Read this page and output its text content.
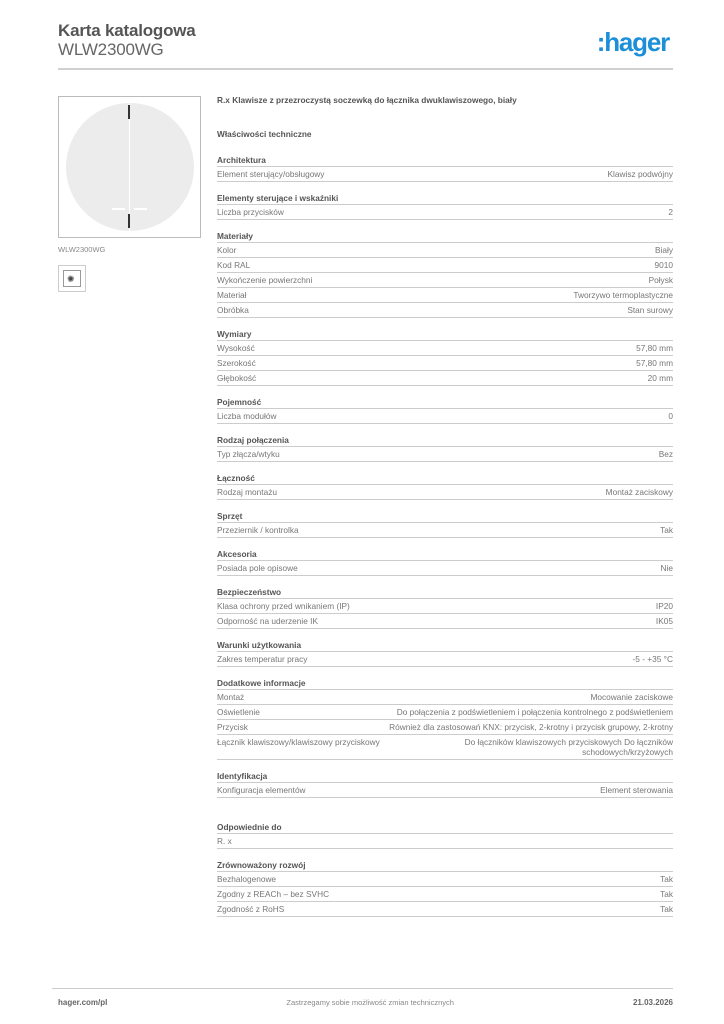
Karta katalogowa
WLW2300WG	:hager
WLW2300WG
✺
R.x Klawisze z przezroczystą soczewką do łącznika dwuklawiszowego, biały
Właściwości techniczne
Architektura
Element sterujący/obsługowy	Klawisz podwójny
Elementy sterujące i wskaźniki
Liczba przycisków	2
Materiały
Kolor	Biały
Kod RAL	9010
Wykończenie powierzchni	Połysk
Materiał	Tworzywo termoplastyczne
Obróbka	Stan surowy
Wymiary
Wysokość	57,80 mm
Szerokość	57,80 mm
Głębokość	20 mm
Pojemność
Liczba modułów	0
Rodzaj połączenia
Typ złącza/wtyku	Bez
Łączność
Rodzaj montażu	Montaż zaciskowy
Sprzęt
Przeziernik / kontrolka	Tak
Akcesoria
Posiada pole opisowe	Nie
Bezpieczeństwo
Klasa ochrony przed wnikaniem (IP)	IP20
Odporność na uderzenie IK	IK05
Warunki użytkowania
Zakres temperatur pracy	-5 - +35 °C
Dodatkowe informacje
Montaż	Mocowanie zaciskowe
Oświetlenie	Do połączenia z podświetleniem i połączenia kontrolnego z podświetleniem
Przycisk	Również dla zastosowań KNX: przycisk, 2-krotny i przycisk grupowy, 2-krotny
Łącznik klawiszowy/klawiszowy przyciskowy	Do łączników klawiszowych przyciskowych Do łączników schodowych/krzyżowych
Identyfikacja
Konfiguracja elementów	Element sterowania
Odpowiednie do
R. x
Zrównoważony rozwój
Bezhalogenowe	Tak
Zgodny z REACh – bez SVHC	Tak
Zgodność z RoHS	Tak
hager.com/pl	Zastrzegamy sobie możliwość zmian technicznych	21.03.2026
